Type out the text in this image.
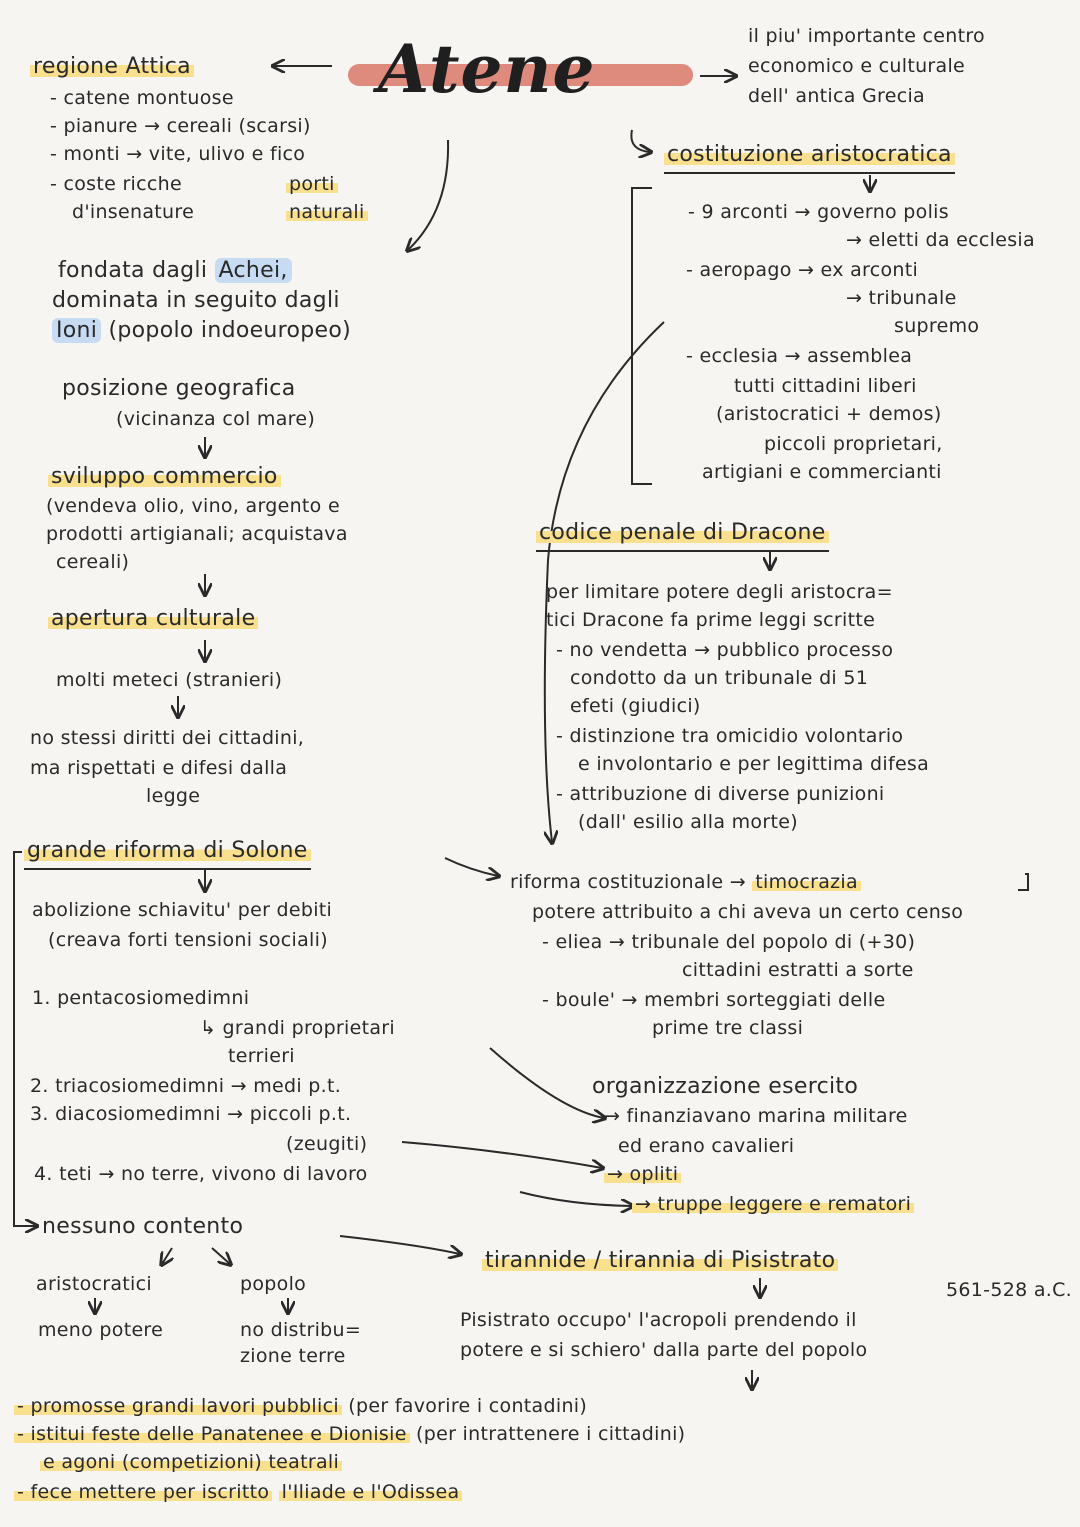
Atene	il piu' importante centro
economico e culturale
dell' antica Grecia
regione Attica
- catene montuose
- pianure → cereali (scarsi)
- monti → vite, ulivo e fico
- coste ricche
d'insenature
porti
naturali
fondata dagli Achei,
dominata in seguito dagli
Ioni (popolo indoeuropeo)
posizione geografica
(vicinanza col mare)
sviluppo commercio
(vendeva olio, vino, argento e
prodotti artigianali; acquistava
cereali)
apertura culturale
molti meteci (stranieri)
no stessi diritti dei cittadini,
ma rispettati e difesi dalla
legge
costituzione aristocratica
- 9 arconti → governo polis
→ eletti da ecclesia
- aeropago → ex arconti
→ tribunale
supremo
- ecclesia → assemblea
tutti cittadini liberi
(aristocratici + demos)
piccoli proprietari,
artigiani e commercianti
codice penale di Dracone
per limitare potere degli aristocra=
tici Dracone fa prime leggi scritte
- no vendetta → pubblico processo
condotto da un tribunale di 51
efeti (giudici)
- distinzione tra omicidio volontario
e involontario e per legittima difesa
- attribuzione di diverse punizioni
(dall' esilio alla morte)
grande riforma di Solone
abolizione schiavitu' per debiti
(creava forti tensioni sociali)
1. pentacosiomedimni
↳ grandi proprietari
terrieri
2. triacosiomedimni → medi p.t.
3. diacosiomedimni → piccoli p.t.
(zeugiti)
4. teti → no terre, vivono di lavoro
nessuno contento
aristocratici	popolo
meno potere	no distribu=
zione terre
riforma costituzionale → timocrazia
potere attribuito a chi aveva un certo censo
- eliea → tribunale del popolo di (+30)
cittadini estratti a sorte
- boule' → membri sorteggiati delle
prime tre classi
organizzazione esercito
→ finanziavano marina militare
ed erano cavalieri
→ opliti
→ truppe leggere e rematori
tirannide / tirannia di Pisistrato
561-528 a.C.
Pisistrato occupo' l'acropoli prendendo il
potere e si schiero' dalla parte del popolo
- promosse grandi lavori pubblici (per favorire i contadini)
- istitui feste delle Panatenee e Dionisie (per intrattenere i cittadini)
e agoni (competizioni) teatrali
- fece mettere per iscritto l'Iliade e l'Odissea
